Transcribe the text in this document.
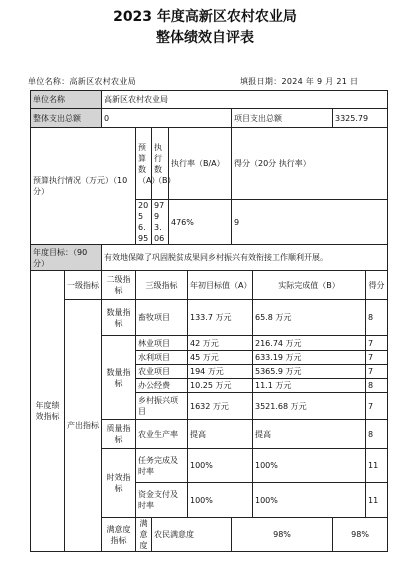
2023 年度高新区农村农业局
整体绩效自评表
单位名称：高新区农村农业局	填报日期：2024 年 9 月 21 日
单位名称		高新区农村农业局									
整体支出总额		0					项目支出总额		3325.79		
预算执行情况（万元）（10分）			预算数（A）	执行数（B）	执行率（B/A）		得分（20分 执行率）				
			2056.95	9793.06	476%		9				
年度目标：（90分）		有效地保障了巩固脱贫成果同乡村振兴有效衔接工作顺利开展。									
年度绩效指标	一级指标	二级指标	三级指标			年初目标值（A）		实际完成值（B）		得分	
	产出指标	数量指标	畜牧项目			133.7 万元		65.8 万元		8	
		数量指标	林业项目			42 万元		216.74 万元		7	
			水利项目			45 万元		633.19 万元		7	
			农业项目			194 万元		5365.9 万元		7	
			办公经费			10.25 万元		11.1 万元		8	
			乡村振兴项目			1632 万元		3521.68 万元		7	
		质量指标	农业生产率			提高		提高		8	
		时效指标	任务完成及时率			100%		100%		11	
			资金支付及时率			100%		100%		11	
		满意度指标	满意度	农民满意度			98%		98%	
